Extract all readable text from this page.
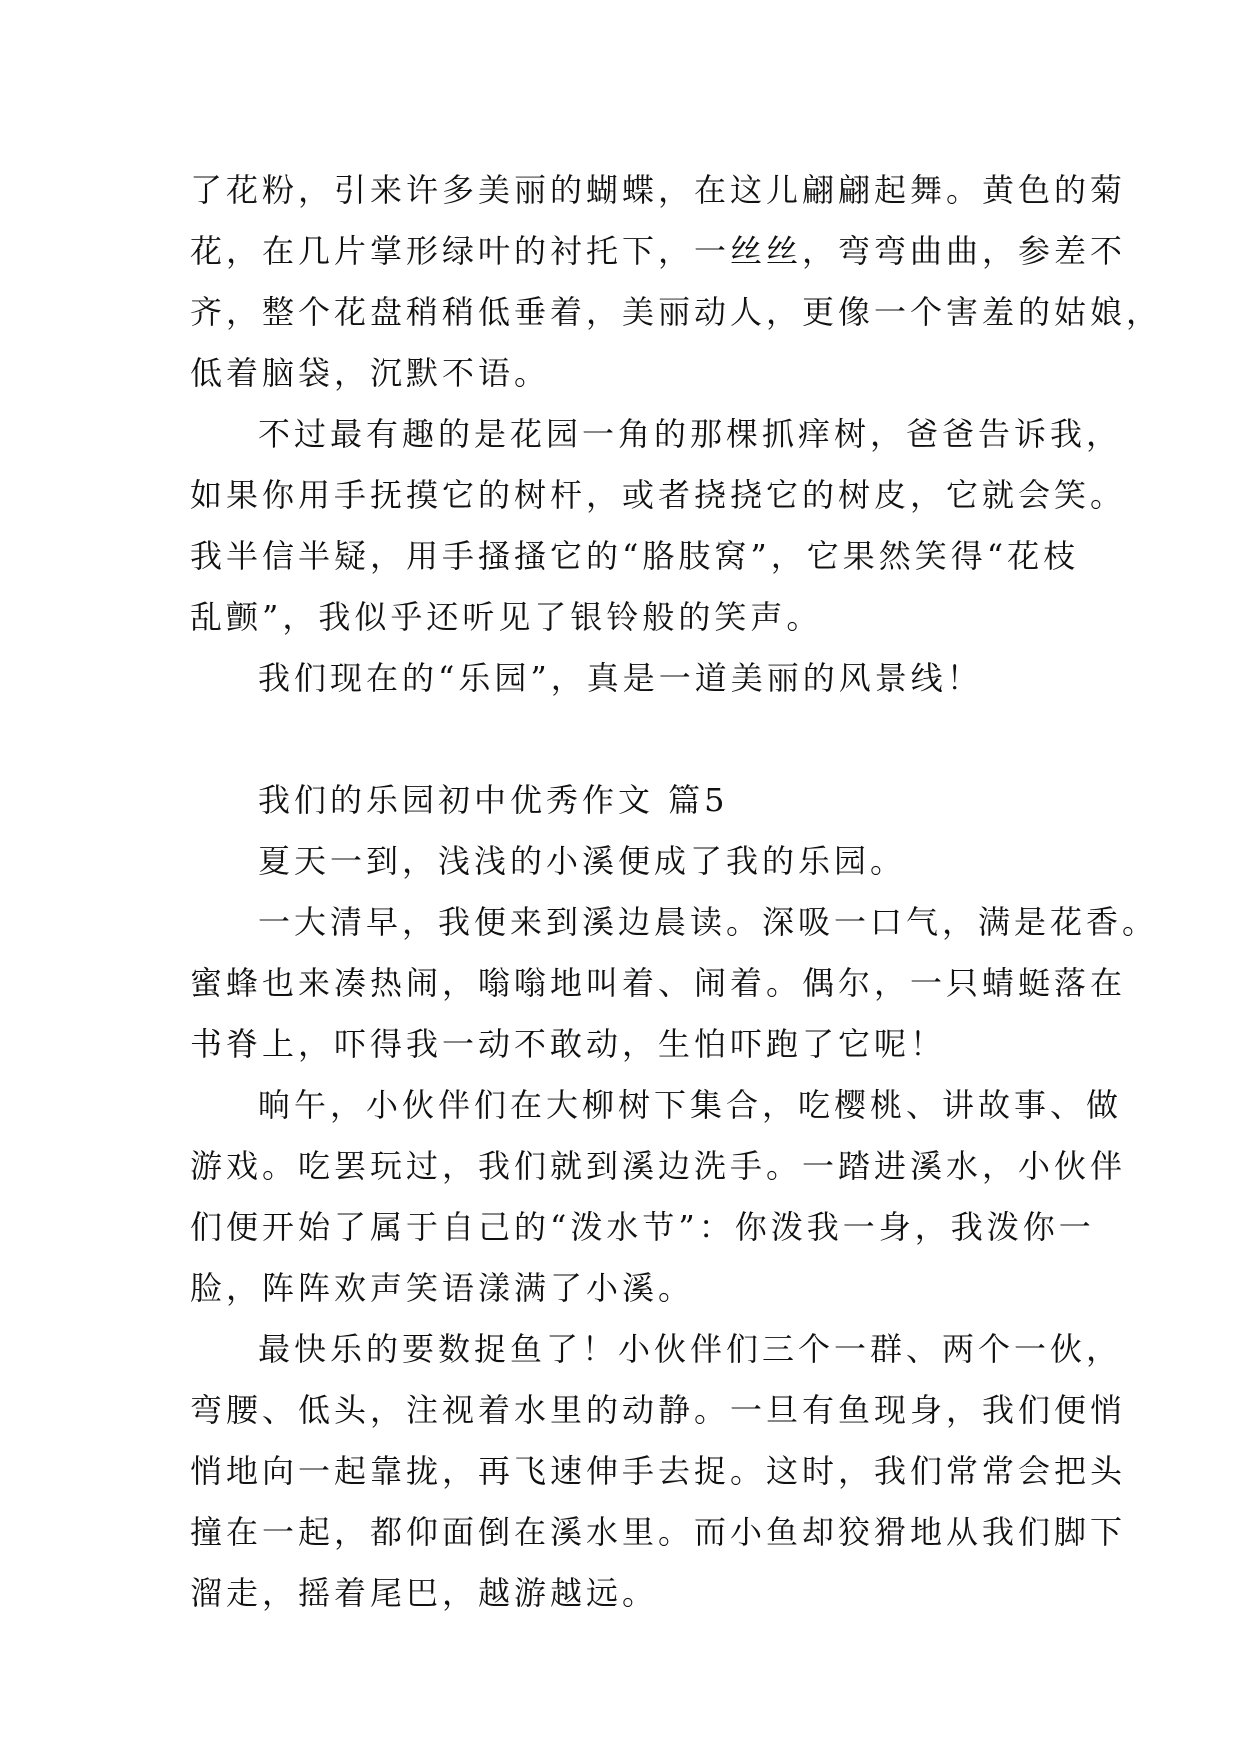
了花粉，引来许多美丽的蝴蝶，在这儿翩翩起舞。黄色的菊
花，在几片掌形绿叶的衬托下，一丝丝，弯弯曲曲，参差不
齐，整个花盘稍稍低垂着，美丽动人，更像一个害羞的姑娘，
低着脑袋，沉默不语。
不过最有趣的是花园一角的那棵抓痒树，爸爸告诉我，
如果你用手抚摸它的树杆，或者挠挠它的树皮，它就会笑。
我半信半疑，用手搔搔它的“胳肢窝”，它果然笑得“花枝
乱颤”，我似乎还听见了银铃般的笑声。
我们现在的“乐园”，真是一道美丽的风景线！
我们的乐园初中优秀作文 篇5
夏天一到，浅浅的小溪便成了我的乐园。
一大清早，我便来到溪边晨读。深吸一口气，满是花香。
蜜蜂也来凑热闹，嗡嗡地叫着、闹着。偶尔，一只蜻蜓落在
书脊上，吓得我一动不敢动，生怕吓跑了它呢！
晌午，小伙伴们在大柳树下集合，吃樱桃、讲故事、做
游戏。吃罢玩过，我们就到溪边洗手。一踏进溪水，小伙伴
们便开始了属于自己的“泼水节”：你泼我一身，我泼你一
脸，阵阵欢声笑语漾满了小溪。
最快乐的要数捉鱼了！小伙伴们三个一群、两个一伙，
弯腰、低头，注视着水里的动静。一旦有鱼现身，我们便悄
悄地向一起靠拢，再飞速伸手去捉。这时，我们常常会把头
撞在一起，都仰面倒在溪水里。而小鱼却狡猾地从我们脚下
溜走，摇着尾巴，越游越远。
